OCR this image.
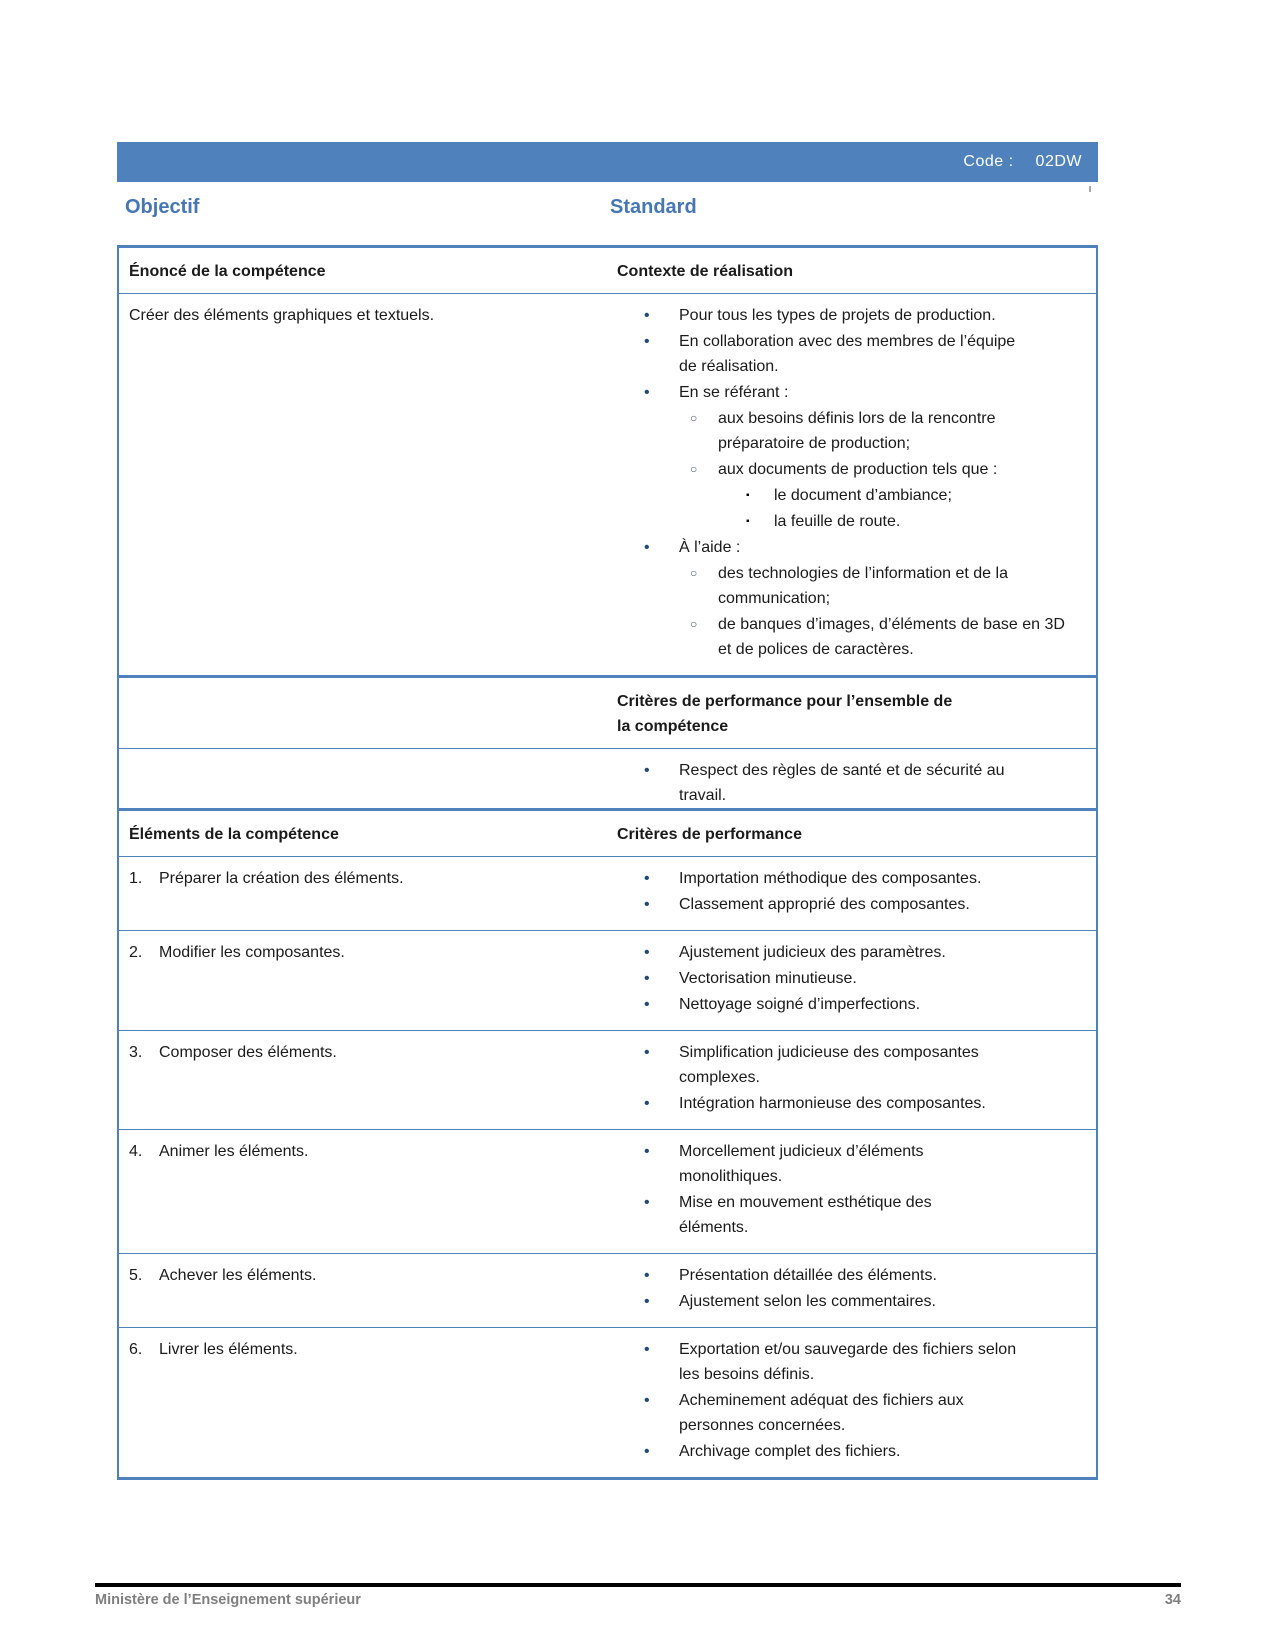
Code : 02DW
Objectif	Standard
Énoncé de la compétence	Contexte de réalisation
Créer des éléments graphiques et textuels.	•	Pour tous les types de projets de production.
•	En collaboration avec des membres de l’équipe de réalisation.
•	En se référant :
○	aux besoins définis lors de la rencontre préparatoire de production;
○	aux documents de production tels que :
▪	le document d’ambiance;
▪	la feuille de route.
•	À l’aide :
○	des technologies de l’information et de la communication;
○	de banques d’images, d’éléments de base en 3D et de polices de caractères.
Critères de performance pour l’ensemble de la compétence
•	Respect des règles de santé et de sécurité au travail.
Éléments de la compétence	Critères de performance
1.	Préparer la création des éléments.	•	Importation méthodique des composantes.
•	Classement approprié des composantes.
2.	Modifier les composantes.	•	Ajustement judicieux des paramètres.
•	Vectorisation minutieuse.
•	Nettoyage soigné d’imperfections.
3.	Composer des éléments.	•	Simplification judicieuse des composantes complexes.
•	Intégration harmonieuse des composantes.
4.	Animer les éléments.	•	Morcellement judicieux d’éléments monolithiques.
•	Mise en mouvement esthétique des éléments.
5.	Achever les éléments.	•	Présentation détaillée des éléments.
•	Ajustement selon les commentaires.
6.	Livrer les éléments.	•	Exportation et/ou sauvegarde des fichiers selon les besoins définis.
•	Acheminement adéquat des fichiers aux personnes concernées.
•	Archivage complet des fichiers.
Ministère de l’Enseignement supérieur	34
